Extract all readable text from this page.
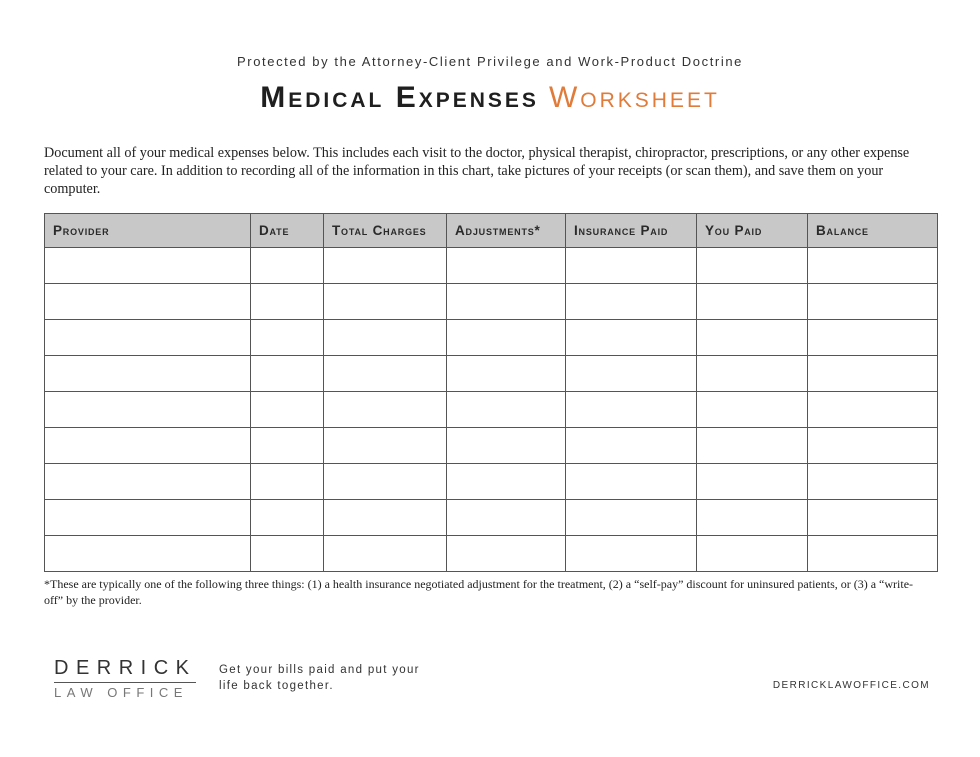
Protected by the Attorney-Client Privilege and Work-Product Doctrine
Medical Expenses Worksheet
Document all of your medical expenses below. This includes each visit to the doctor, physical therapist, chiropractor, prescriptions, or any other expense related to your care. In addition to recording all of the information in this chart, take pictures of your receipts (or scan them), and save them on your computer.
Provider	Date	Total Charges	Adjustments*	Insurance Paid	You Paid	Balance

*These are typically one of the following three things: (1) a health insurance negotiated adjustment for the treatment, (2) a “self-pay” discount for uninsured patients, or (3) a “write-off” by the provider.
DERRICK
LAW OFFICE
Get your bills paid and put your life back together.	DERRICKLAWOFFICE.COM
